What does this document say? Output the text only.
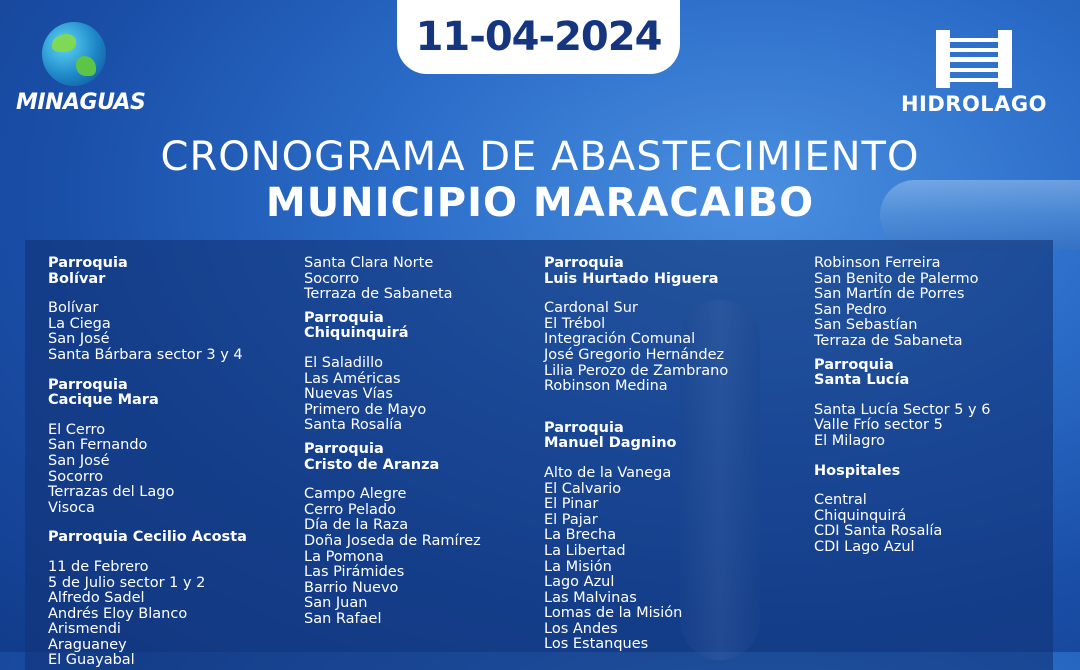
11-04-2024
MINAGUAS	HIDROLAGO
CRONOGRAMA DE ABASTECIMIENTO
MUNICIPIO MARACAIBO
Parroquia
Bolívar
Bolívar
La Ciega
San José
Santa Bárbara sector 3 y 4
Parroquia
Cacique Mara
El Cerro
San Fernando
San José
Socorro
Terrazas del Lago
Visoca
Parroquia Cecilio Acosta
11 de Febrero
5 de Julio sector 1 y 2
Alfredo Sadel
Andrés Eloy Blanco
Arismendi
Araguaney
El Guayabal
Santa Clara Norte
Socorro
Terraza de Sabaneta
Parroquia
Chiquinquirá
El Saladillo
Las Américas
Nuevas Vías
Primero de Mayo
Santa Rosalía
Parroquia
Cristo de Aranza
Campo Alegre
Cerro Pelado
Día de la Raza
Doña Joseda de Ramírez
La Pomona
Las Pirámides
Barrio Nuevo
San Juan
San Rafael
Parroquia
Luis Hurtado Higuera
Cardonal Sur
El Trébol
Integración Comunal
José Gregorio Hernández
Lilia Perozo de Zambrano
Robinson Medina
Parroquia
Manuel Dagnino
Alto de la Vanega
El Calvario
El Pinar
El Pajar
La Brecha
La Libertad
La Misión
Lago Azul
Las Malvinas
Lomas de la Misión
Los Andes
Los Estanques
Robinson Ferreira
San Benito de Palermo
San Martín de Porres
San Pedro
San Sebastían
Terraza de Sabaneta
Parroquia
Santa Lucía
Santa Lucía Sector 5 y 6
Valle Frío sector 5
El Milagro
Hospitales
Central
Chiquinquirá
CDI Santa Rosalía
CDI Lago Azul
